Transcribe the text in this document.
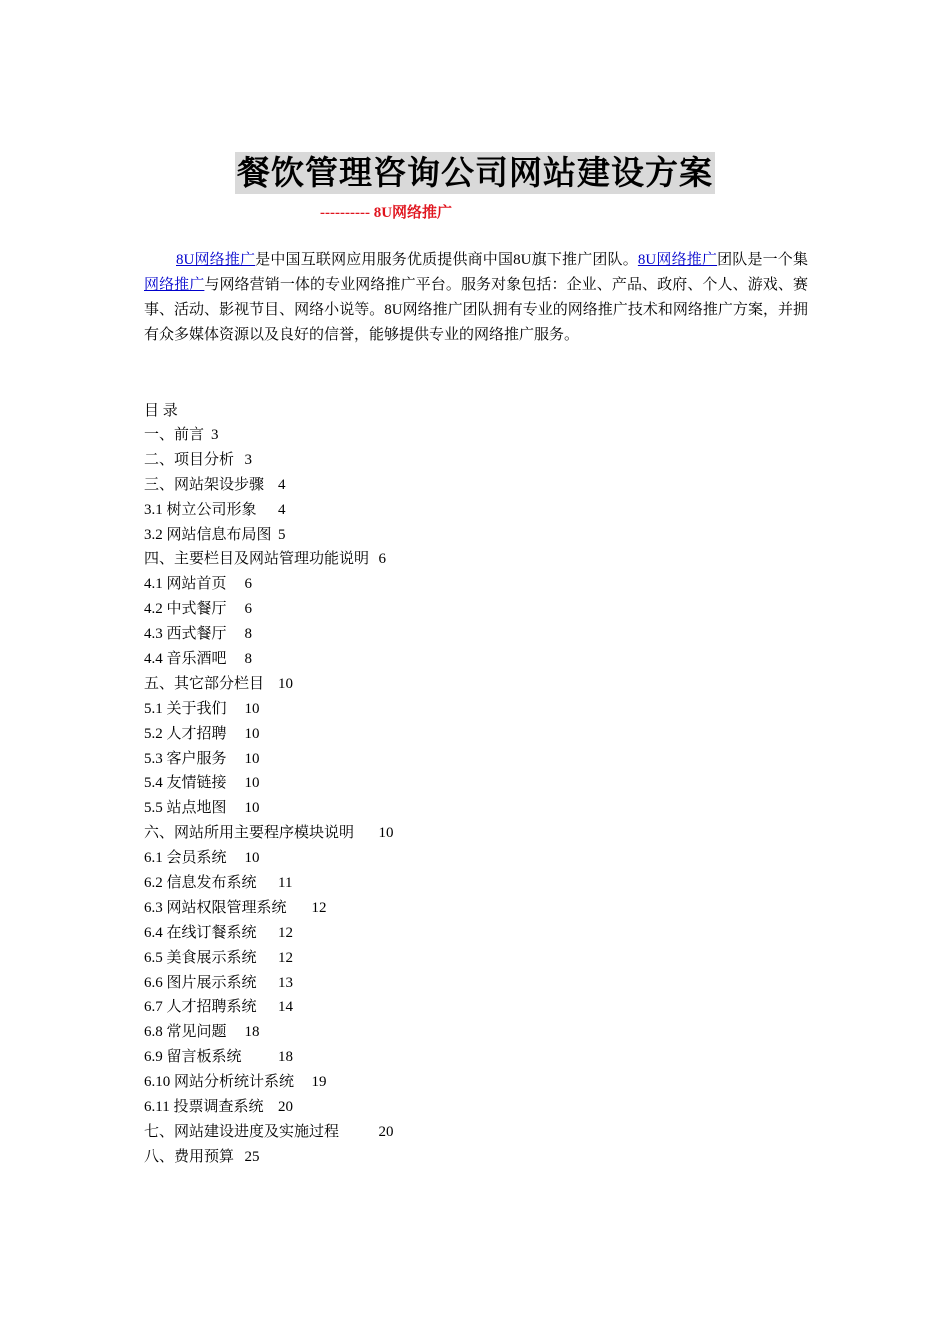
餐饮管理咨询公司网站建设方案
---------- 8U网络推广
8U网络推广是中国互联网应用服务优质提供商中国8U旗下推广团队。8U网络推广团队是一个集网络推广与网络营销一体的专业网络推广平台。服务对象包括：企业、产品、政府、个人、游戏、赛事、活动、影视节目、网络小说等。8U网络推广团队拥有专业的网络推广技术和网络推广方案，并拥有众多媒体资源以及良好的信誉，能够提供专业的网络推广服务。
目 录
一、前言 3
二、项目分析 3
三、网站架设步骤 4
3.1 树立公司形象 4
3.2 网站信息布局图 5
四、主要栏目及网站管理功能说明 6
4.1 网站首页 6
4.2 中式餐厅 6
4.3 西式餐厅 8
4.4 音乐酒吧 8
五、其它部分栏目 10
5.1 关于我们 10
5.2 人才招聘 10
5.3 客户服务 10
5.4 友情链接 10
5.5 站点地图 10
六、网站所用主要程序模块说明 10
6.1 会员系统 10
6.2 信息发布系统 11
6.3 网站权限管理系统 12
6.4 在线订餐系统 12
6.5 美食展示系统 12
6.6 图片展示系统 13
6.7 人才招聘系统 14
6.8 常见问题 18
6.9 留言板系统 18
6.10 网站分析统计系统 19
6.11 投票调查系统 20
七、网站建设进度及实施过程	20
八、费用预算 25
